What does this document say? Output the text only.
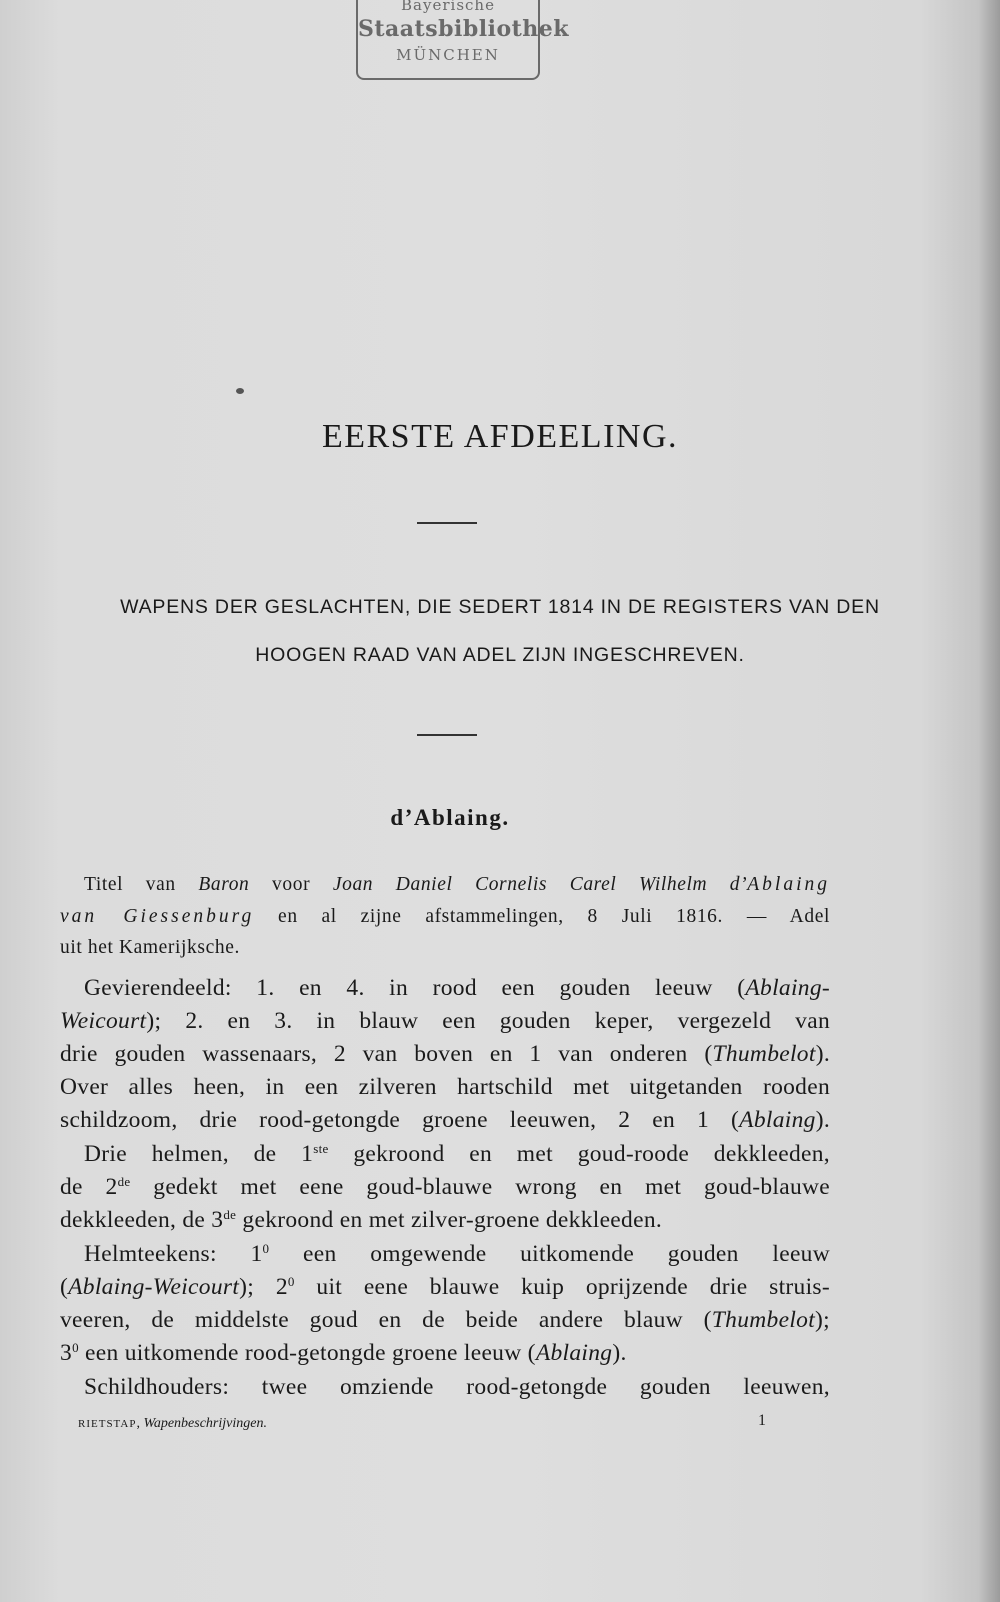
Bayerische
Staatsbibliothek
MÜNCHEN
EERSTE AFDEELING.
WAPENS DER GESLACHTEN, DIE SEDERT 1814 IN DE REGISTERS VAN DEN
HOOGEN RAAD VAN ADEL ZIJN INGESCHREVEN.
d’Ablaing.
Titel van Baron voor Joan Daniel Cornelis Carel Wilhelm d’Ablaing
van Giessenburg en al zijne afstammelingen, 8 Juli 1816. — Adel
uit het Kamerijksche.
Gevierendeeld: 1. en 4. in rood een gouden leeuw (Ablaing-
Weicourt); 2. en 3. in blauw een gouden keper, vergezeld van
drie gouden wassenaars, 2 van boven en 1 van onderen (Thumbelot).
Over alles heen, in een zilveren hartschild met uitgetanden rooden
schildzoom, drie rood-getongde groene leeuwen, 2 en 1 (Ablaing).
Drie helmen, de 1ste gekroond en met goud-roode dekkleeden,
de 2de gedekt met eene goud-blauwe wrong en met goud-blauwe
dekkleeden, de 3de gekroond en met zilver-groene dekkleeden.
Helmteekens: $1^0$ een omgewende uitkomende gouden leeuw
(Ablaing-Weicourt); $2^0$ uit eene blauwe kuip oprijzende drie struis-
veeren, de middelste goud en de beide andere blauw (Thumbelot);
$3^0$ een uitkomende rood-getongde groene leeuw (Ablaing).
Schildhouders: twee omziende rood-getongde gouden leeuwen,
RIETSTAP, Wapenbeschrijvingen.	1
